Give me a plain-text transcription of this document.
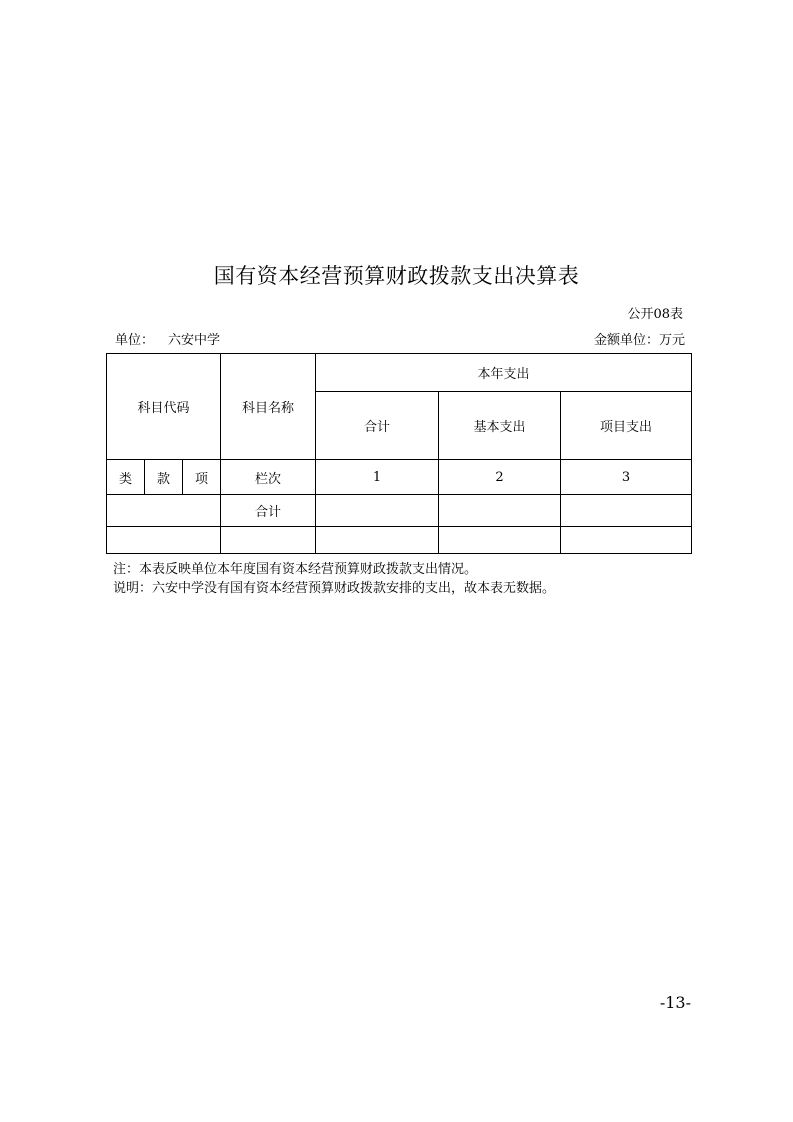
国有资本经营预算财政拨款支出决算表
公开08表
单位： 六安中学	金额单位：万元
科目代码			科目名称	本年支出		
				合计	基本支出	项目支出
类	款	项	栏次	1	2	3
			合计			

注：本表反映单位本年度国有资本经营预算财政拨款支出情况。
说明：六安中学没有国有资本经营预算财政拨款安排的支出，故本表无数据。
-13-
